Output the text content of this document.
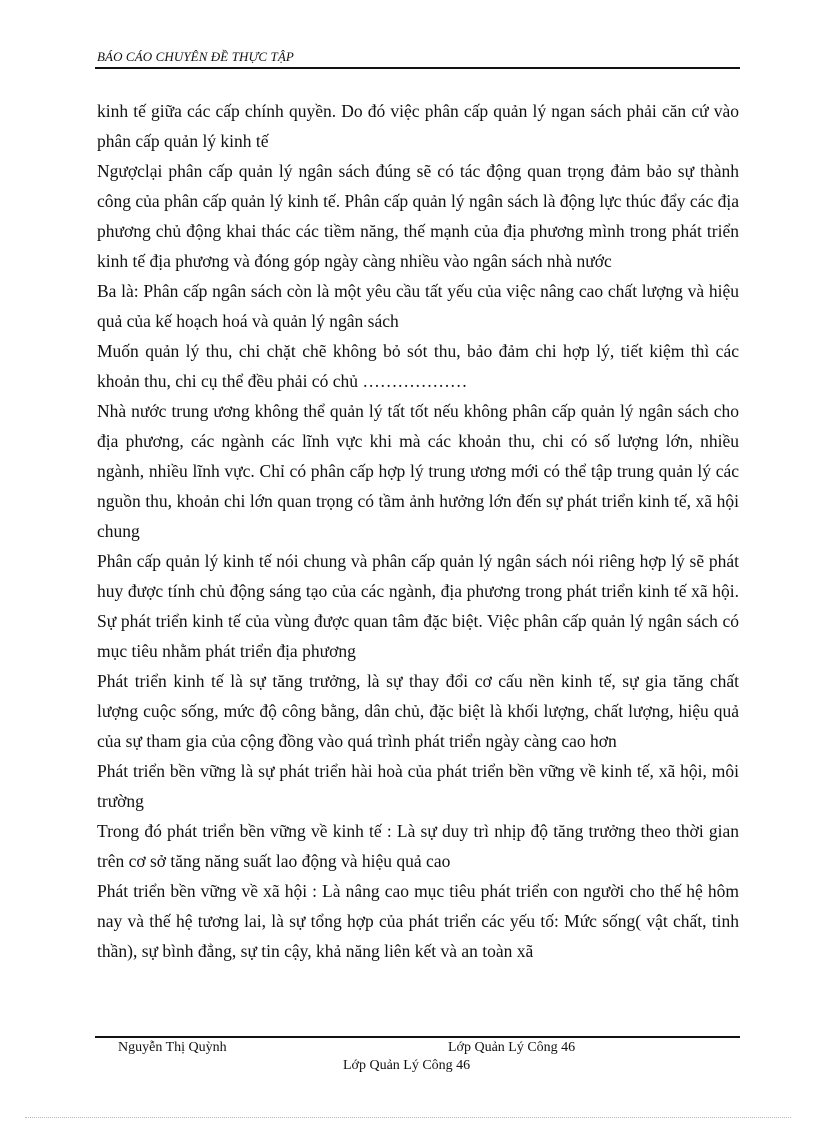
BÁO CÁO CHUYÊN ĐỀ THỰC TẬP

kinh tế giữa các cấp chính quyền. Do đó việc phân cấp quản lý ngan sách phải căn cứ vào phân cấp quản lý kinh tế

Ngượclại phân cấp quản lý ngân sách đúng sẽ có tác động quan trọng đảm bảo sự thành công của phân cấp quản lý kinh tế. Phân cấp quản lý ngân sách là động lực thúc đẩy các địa phương chủ động khai thác các tiềm năng, thế mạnh của địa phương mình trong phát triển kinh tế địa phương và đóng góp ngày càng nhiều vào ngân sách nhà nước

Ba là: Phân cấp ngân sách còn là một yêu cầu tất yếu của việc nâng cao chất lượng và hiệu quả của kế hoạch hoá và quản lý ngân sách

Muốn quản lý thu, chi chặt chẽ không bỏ sót thu, bảo đảm chi hợp lý, tiết kiệm thì các khoản thu, chi cụ thể đều phải có chủ ………………

Nhà nước trung ương không thể quản lý tất tốt nếu không phân cấp quản lý ngân sách cho địa phương, các ngành các lĩnh vực khi mà các khoản thu, chi có số lượng lớn, nhiều ngành, nhiều lĩnh vực. Chỉ có phân cấp hợp lý trung ương mới có thể tập trung quản lý các nguồn thu, khoản chi lớn quan trọng có tầm ảnh hưởng lớn đến sự phát triển kinh tế, xã hội chung

Phân cấp quản lý kinh tế nói chung và phân cấp quản lý ngân sách nói riêng hợp lý sẽ phát huy được tính chủ động sáng tạo của các ngành, địa phương trong phát triển kinh tế xã hội. Sự phát triển kinh tế của vùng được quan tâm đặc biệt. Việc phân cấp quản lý ngân sách có mục tiêu nhằm phát triển địa phương

Phát triển kinh tế là sự tăng trưởng, là sự thay đổi cơ cấu nền kinh tế, sự gia tăng chất lượng cuộc sống, mức độ công bằng, dân chủ, đặc biệt là khối lượng, chất lượng, hiệu quả của sự tham gia của cộng đồng vào quá trình phát triển ngày càng cao hơn

Phát triển bền vững là sự phát triển hài hoà của phát triển bền vững về kinh tế, xã hội, môi trường

Trong đó phát triển bền vững về kinh tế : Là sự duy trì nhịp độ tăng trưởng theo thời gian trên cơ sở tăng năng suất lao động và hiệu quả cao

Phát triển bền vững về xã hội : Là nâng cao mục tiêu phát triển con người cho thế hệ hôm nay và thế hệ tương lai, là sự tổng hợp của phát triển các yếu tố: Mức sống( vật chất, tinh thần), sự bình đẳng, sự tin cậy, khả năng liên kết và an toàn xã

Nguyễn Thị Quỳnh	Lớp Quản Lý Công 46
Lớp Quản Lý Công 46
